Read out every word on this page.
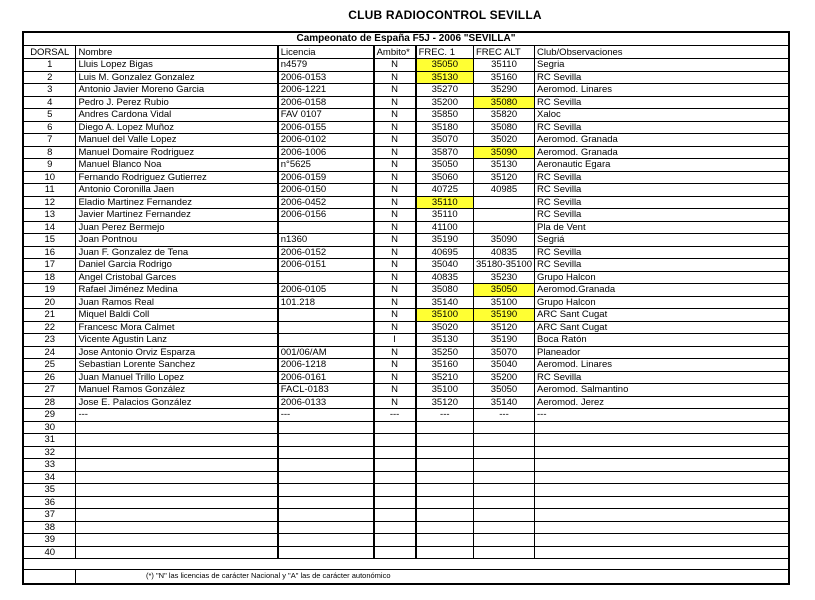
CLUB RADIOCONTROL SEVILLA
Campeonato de España F5J - 2006 "SEVILLA"
DORSAL	Nombre	Licencia	Ambito*	FREC. 1	FREC ALT	Club/Observaciones
1	Lluis Lopez Bigas	n4579	N	35050	35110	Segria
2	Luis M. Gonzalez Gonzalez	2006-0153	N	35130	35160	RC Sevilla
3	Antonio Javier Moreno Garcia	2006-1221	N	35270	35290	Aeromod. Linares
4	Pedro J. Perez Rubio	2006-0158	N	35200	35080	RC Sevilla
5	Andres Cardona Vidal	FAV 0107	N	35850	35820	Xaloc
6	Diego A. Lopez Muñoz	2006-0155	N	35180	35080	RC Sevilla
7	Manuel del Valle Lopez	2006-0102	N	35070	35020	Aeromod. Granada
8	Manuel Domaire Rodriguez	2006-1006	N	35870	35090	Aeromod. Granada
9	Manuel Blanco Noa	n°5625	N	35050	35130	Aeronautic Egara
10	Fernando Rodriguez Gutierrez	2006-0159	N	35060	35120	RC Sevilla
11	Antonio Coronilla Jaen	2006-0150	N	40725	40985	RC Sevilla
12	Eladio Martinez Fernandez	2006-0452	N	35110		RC Sevilla
13	Javier Martinez Fernandez	2006-0156	N	35110		RC Sevilla
14	Juan Perez Bermejo		N	41100		Pla de Vent
15	Joan Pontnou	n1360	N	35190	35090	Segriá
16	Juan F. Gonzalez de Tena	2006-0152	N	40695	40835	RC Sevilla
17	Daniel Garcia Rodrigo	2006-0151	N	35040	35180-35100	RC Sevilla
18	Angel Cristobal Garces		N	40835	35230	Grupo Halcon
19	Rafael Jiménez Medina	2006-0105	N	35080	35050	Aeromod.Granada
20	Juan Ramos Real	101.218	N	35140	35100	Grupo Halcon
21	Miquel Baldi Coll		N	35100	35190	ARC Sant Cugat
22	Francesc Mora Calmet		N	35020	35120	ARC Sant Cugat
23	Vicente Agustin Lanz		I	35130	35190	Boca Ratón
24	Jose Antonio Orviz Esparza	001/06/AM	N	35250	35070	Planeador
25	Sebastian Lorente Sanchez	2006-1218	N	35160	35040	Aeromod. Linares
26	Juan Manuel Trillo Lopez	2006-0161	N	35210	35200	RC Sevilla
27	Manuel Ramos González	FACL-0183	N	35100	35050	Aeromod. Salmantino
28	Jose E. Palacios González	2006-0133	N	35120	35140	Aeromod. Jerez
29	---	---	---	---	---	---
30						
31						
32						
33						
34						
35						
36						
37						
38						
39						
40						
(*) "N" las licencias de carácter Nacional y "A" las de carácter autonómico
